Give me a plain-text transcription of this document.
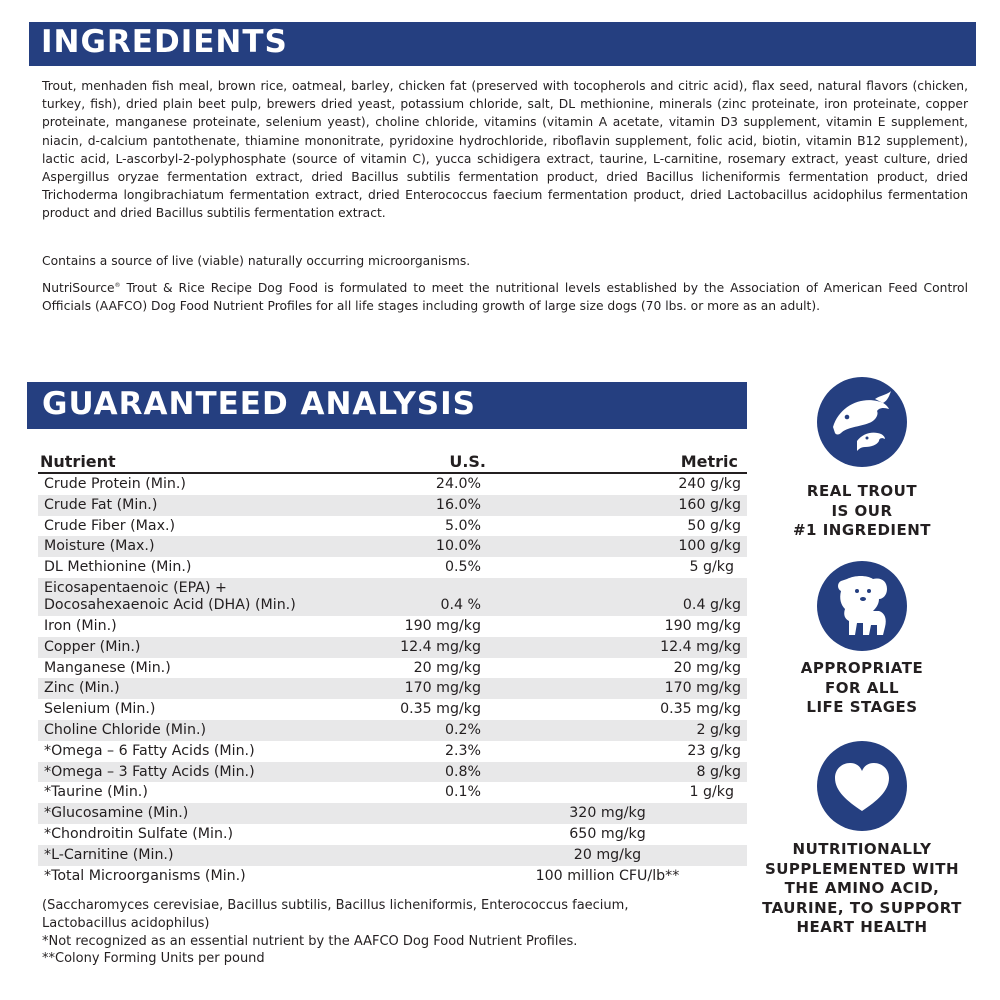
INGREDIENTS

Trout, menhaden fish meal, brown rice, oatmeal, barley, chicken fat (preserved with tocopherols and citric acid), flax seed, natural flavors (chicken, turkey, fish), dried plain beet pulp, brewers dried yeast, potassium chloride, salt, DL methionine, minerals (zinc proteinate, iron proteinate, copper proteinate, manganese proteinate, selenium yeast), choline chloride, vitamins (vitamin A acetate, vitamin D3 supplement, vitamin E supplement, niacin, d-calcium pantothenate, thiamine mononitrate, pyridoxine hydrochloride, riboflavin supplement, folic acid, biotin, vitamin B12 supplement), lactic acid, L-ascorbyl-2-polyphosphate (source of vitamin C), yucca schidigera extract, taurine, L-carnitine, rosemary extract, yeast culture, dried Aspergillus oryzae fermentation extract, dried Bacillus subtilis fermentation product, dried Bacillus licheniformis fermentation product, dried Trichoderma longibrachiatum fermentation extract, dried Enterococcus faecium fermentation product, dried Lactobacillus acidophilus fermentation product and dried Bacillus subtilis fermentation extract.

Contains a source of live (viable) naturally occurring microorganisms.

NutriSource® Trout & Rice Recipe Dog Food is formulated to meet the nutritional levels established by the Association of American Feed Control Officials (AAFCO) Dog Food Nutrient Profiles for all life stages including growth of large size dogs (70 lbs. or more as an adult).

GUARANTEED ANALYSIS
Nutrient	U.S.	Metric
Crude Protein (Min.)	24.0%	240 g/kg
Crude Fat (Min.)	16.0%	160 g/kg
Crude Fiber (Max.)	5.0%	50 g/kg
Moisture (Max.)	10.0%	100 g/kg
DL Methionine (Min.)	0.5%	5 g/kg

Eicosapentaenoic (EPA) +
Docosahexaenoic Acid (DHA) (Min.)	0.4 %	0.4 g/kg
Iron (Min.)	190 mg/kg	190 mg/kg
Copper (Min.)	12.4 mg/kg	12.4 mg/kg
Manganese (Min.)	20 mg/kg	20 mg/kg
Zinc (Min.)	170 mg/kg	170 mg/kg
Selenium (Min.)	0.35 mg/kg	0.35 mg/kg
Choline Chloride (Min.)	0.2%	2 g/kg
*Omega – 6 Fatty Acids (Min.)	2.3%	23 g/kg
*Omega – 3 Fatty Acids (Min.)	0.8%	8 g/kg
*Taurine (Min.)	0.1%	1 g/kg
*Glucosamine (Min.)	320 mg/kg	
*Chondroitin Sulfate (Min.)	650 mg/kg	
*L-Carnitine (Min.)	20 mg/kg	
*Total Microorganisms (Min.)	100 million CFU/lb**	
(Saccharomyces cerevisiae, Bacillus subtilis, Bacillus licheniformis, Enterococcus faecium,
Lactobacillus acidophilus)
*Not recognized as an essential nutrient by the AAFCO Dog Food Nutrient Profiles.
**Colony Forming Units per pound
REAL TROUT
IS OUR
#1 INGREDIENT
APPROPRIATE
FOR ALL
LIFE STAGES
NUTRITIONALLY
SUPPLEMENTED WITH
THE AMINO ACID,
TAURINE, TO SUPPORT
HEART HEALTH
